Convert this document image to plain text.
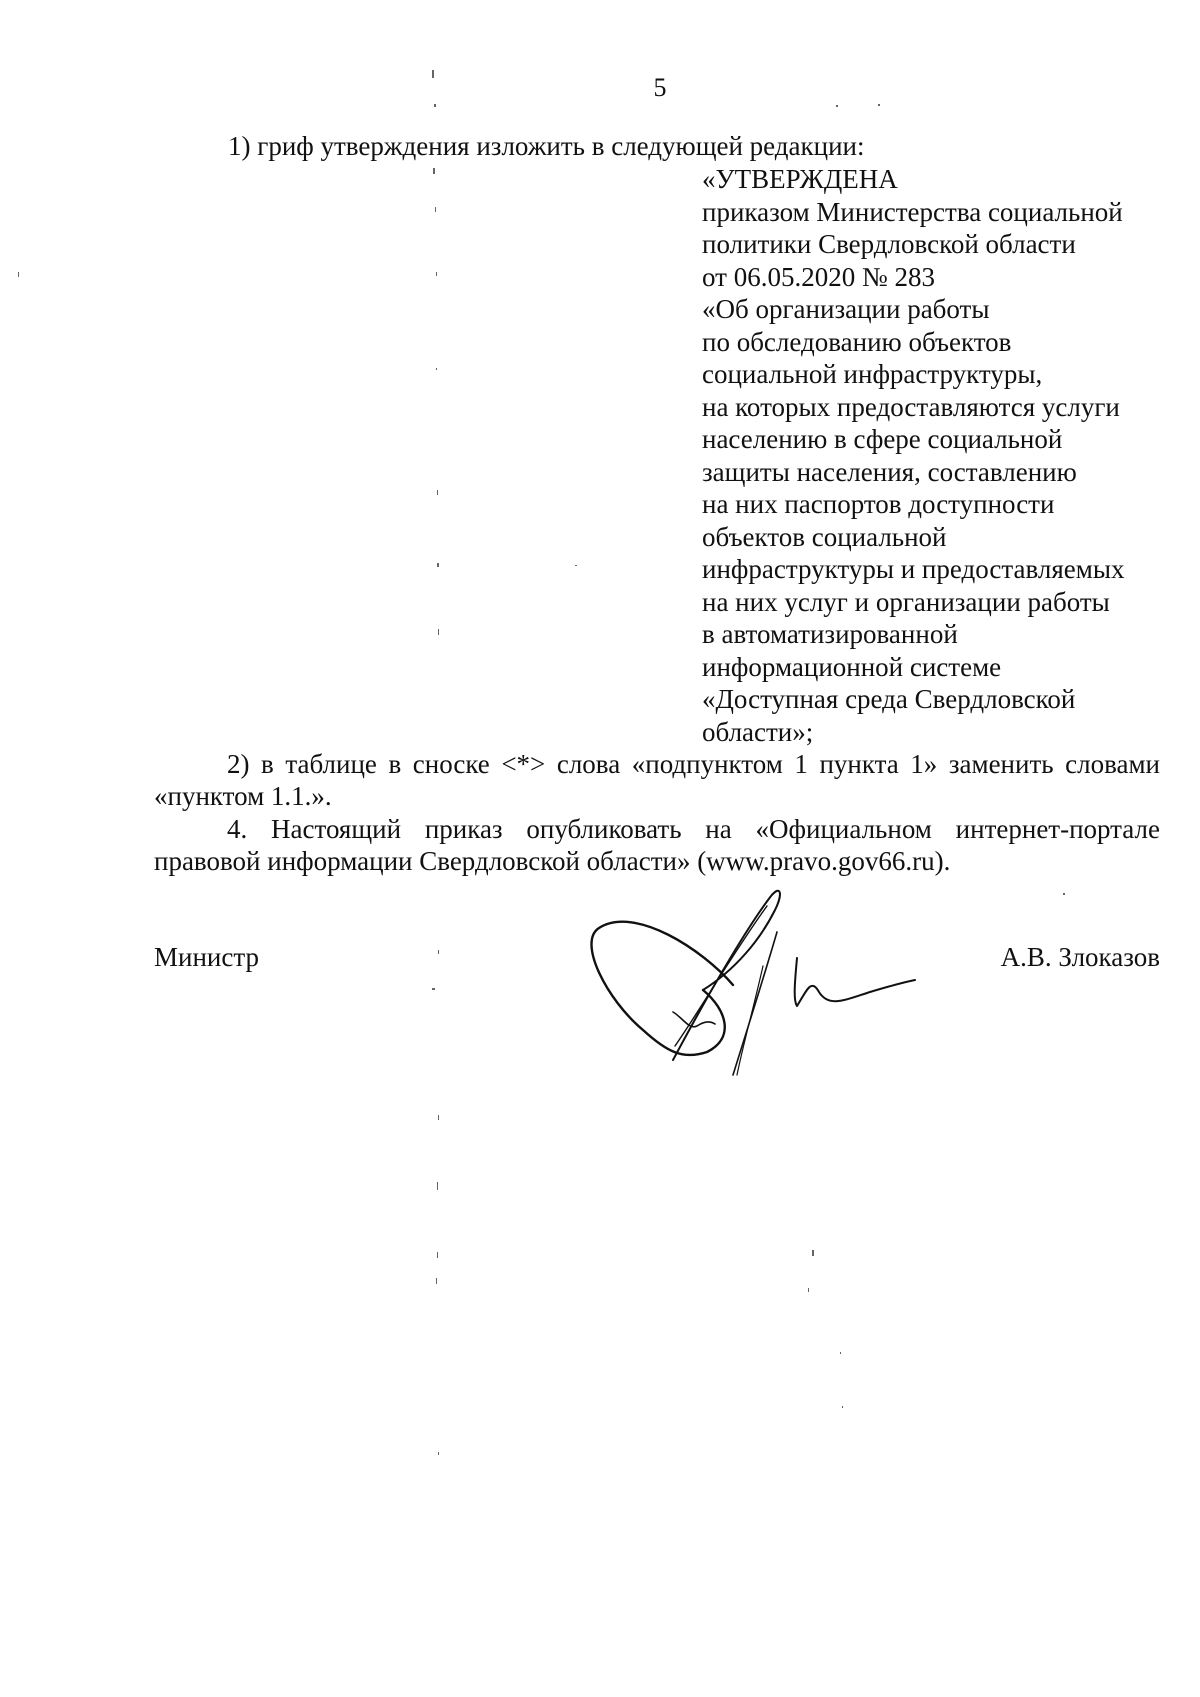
5
1) гриф утверждения изложить в следующей редакции:
«УТВЕРЖДЕНА
приказом Министерства социальной
политики Свердловской области
от 06.05.2020 № 283
«Об организации работы
по обследованию объектов
социальной инфраструктуры,
на которых предоставляются услуги
населению в сфере социальной
защиты населения, составлению
на них паспортов доступности
объектов социальной
инфраструктуры и предоставляемых
на них услуг и организации работы
в автоматизированной
информационной системе
«Доступная среда Свердловской
области»;
2) в таблице в сноске <*> слова «подпунктом 1 пункта 1» заменить словами «пунктом 1.1.».
4. Настоящий приказ опубликовать на «Официальном интернет-портале правовой информации Свердловской области» (www.pravo.gov66.ru).
Министр	А.В. Злоказов
